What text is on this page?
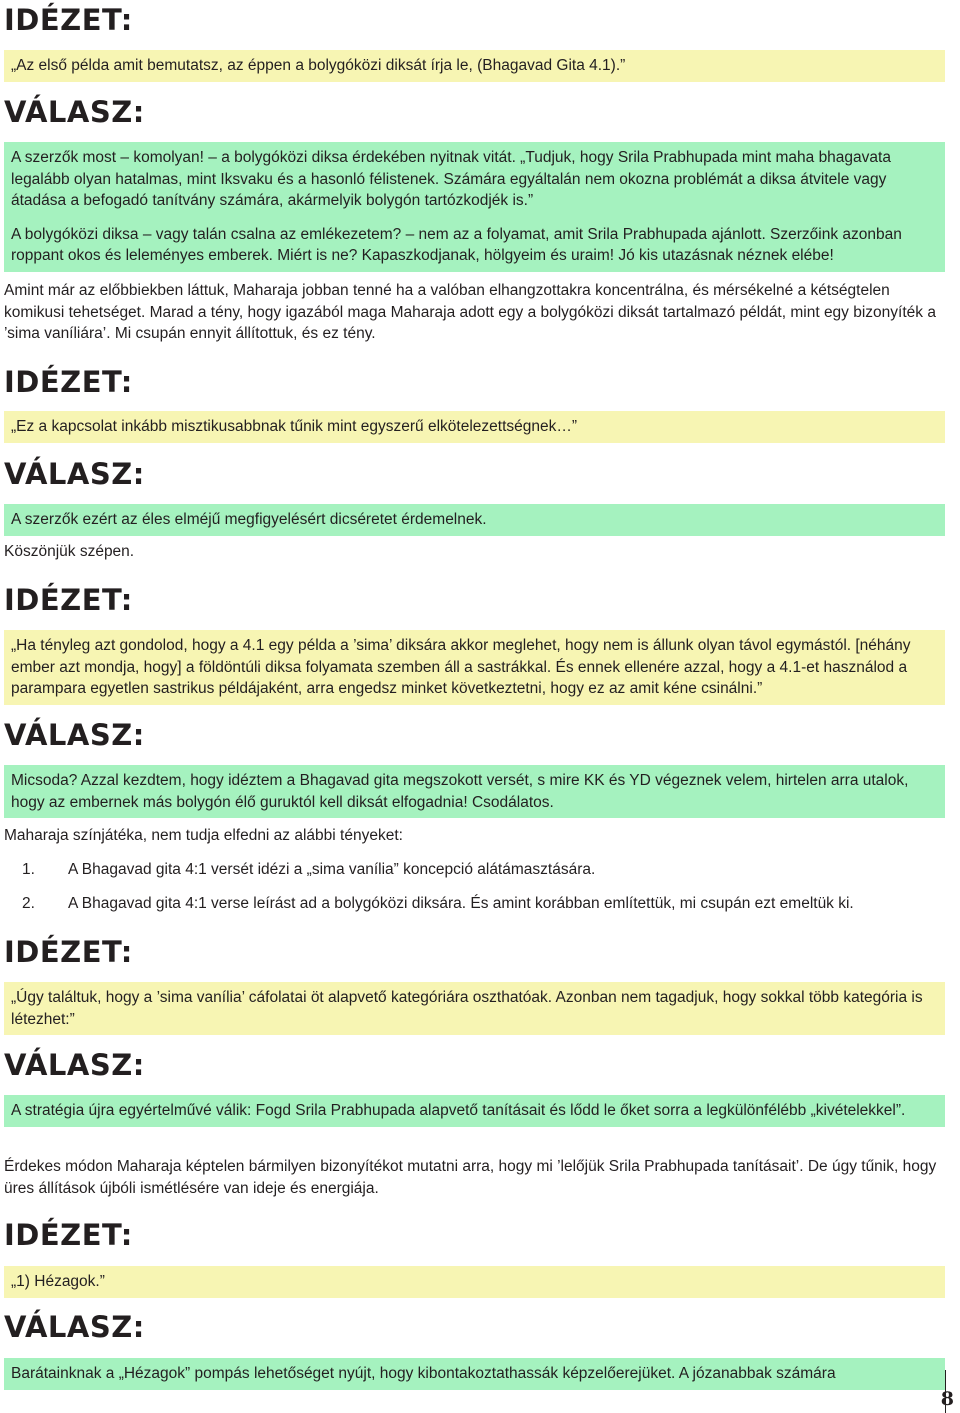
IDÉZET:

„Az első példa amit bemutatsz, az éppen a bolygóközi diksát írja le, (Bhagavad Gita 4.1).”

VÁLASZ:

A szerzők most – komolyan! – a bolygóközi diksa érdekében nyitnak vitát. „Tudjuk, hogy Srila Prabhupada mint maha bhagavata legalább olyan hatalmas, mint Iksvaku és a hasonló félistenek. Számára egyáltalán nem okozna problémát a diksa átvitele vagy átadása a befogadó tanítvány számára, akármelyik bolygón tartózkodjék is.”

A bolygóközi diksa – vagy talán csalna az emlékezetem? – nem az a folyamat, amit Srila Prabhupada ajánlott. Szerzőink azonban roppant okos és leleményes emberek. Miért is ne? Kapaszkodjanak, hölgyeim és uraim! Jó kis utazásnak néznek elébe!

Amint már az előbbiekben láttuk, Maharaja jobban tenné ha a valóban elhangzottakra koncentrálna, és mérsékelné a kétségtelen komikusi tehetséget. Marad a tény, hogy igazából maga Maharaja adott egy a bolygóközi diksát tartalmazó példát, mint egy bizonyíték a ’sima vaníliára’. Mi csupán ennyit állítottuk, és ez tény.

IDÉZET:

„Ez a kapcsolat inkább misztikusabbnak tűnik mint egyszerű elkötelezettségnek…”

VÁLASZ:

A szerzők ezért az éles elméjű megfigyelésért dicséretet érdemelnek.

Köszönjük szépen.

IDÉZET:

„Ha tényleg azt gondolod, hogy a 4.1 egy példa a ’sima’ diksára akkor meglehet, hogy nem is állunk olyan távol egymástól. [néhány ember azt mondja, hogy] a földöntúli diksa folyamata szemben áll a sastrákkal. És ennek ellenére azzal, hogy a 4.1-et használod a parampara egyetlen sastrikus példájaként, arra engedsz minket következtetni, hogy ez az amit kéne csinálni.”

VÁLASZ:

Micsoda? Azzal kezdtem, hogy idéztem a Bhagavad gita megszokott versét, s mire KK és YD végeznek velem, hirtelen arra utalok, hogy az embernek más bolygón élő guruktól kell diksát elfogadnia! Csodálatos.

Maharaja színjátéka, nem tudja elfedni az alábbi tényeket:

1. A Bhagavad gita 4:1 versét idézi a „sima vanília” koncepció alátámasztására.
2. A Bhagavad gita 4:1 verse leírást ad a bolygóközi diksára. És amint korábban említettük, mi csupán ezt emeltük ki.
IDÉZET:

„Úgy találtuk, hogy a ’sima vanília’ cáfolatai öt alapvető kategóriára oszthatóak. Azonban nem tagadjuk, hogy sokkal több kategória is létezhet:”

VÁLASZ:

A stratégia újra egyértelművé válik: Fogd Srila Prabhupada alapvető tanításait és lődd le őket sorra a legkülönfélébb „kivételekkel”.

Érdekes módon Maharaja képtelen bármilyen bizonyítékot mutatni arra, hogy mi ’lelőjük Srila Prabhupada tanításait’. De úgy tűnik, hogy üres állítások újbóli ismétlésére van ideje és energiája.

IDÉZET:

„1) Hézagok.”

VÁLASZ:

Barátainknak a „Hézagok” pompás lehetőséget nyújt, hogy kibontakoztathassák képzelőerejüket. A józanabbak számára

8
